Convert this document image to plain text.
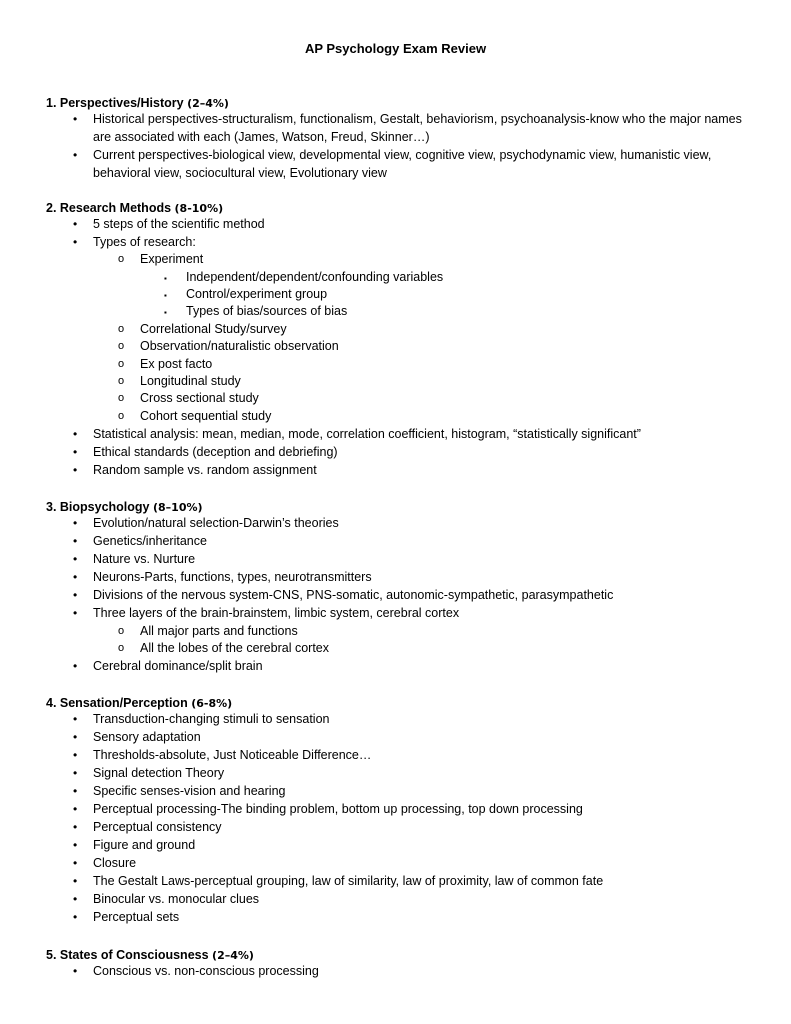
AP Psychology Exam Review
1. Perspectives/History (2–4%)
• Historical perspectives-structuralism, functionalism, Gestalt, behaviorism, psychoanalysis-know who the major names are associated with each (James, Watson, Freud, Skinner…)
• Current perspectives-biological view, developmental view, cognitive view, psychodynamic view, humanistic view, behavioral view, sociocultural view, Evolutionary view
2. Research Methods (8-10%)
• 5 steps of the scientific method
• Types of research:
o Experiment
▪ Independent/dependent/confounding variables
▪ Control/experiment group
▪ Types of bias/sources of bias
o Correlational Study/survey
o Observation/naturalistic observation
o Ex post facto
o Longitudinal study
o Cross sectional study
o Cohort sequential study
• Statistical analysis: mean, median, mode, correlation coefficient, histogram, “statistically significant”
• Ethical standards (deception and debriefing)
• Random sample vs. random assignment
3. Biopsychology (8–10%)
• Evolution/natural selection-Darwin’s theories
• Genetics/inheritance
• Nature vs. Nurture
• Neurons-Parts, functions, types, neurotransmitters
• Divisions of the nervous system-CNS, PNS-somatic, autonomic-sympathetic, parasympathetic
• Three layers of the brain-brainstem, limbic system, cerebral cortex
o All major parts and functions
o All the lobes of the cerebral cortex
• Cerebral dominance/split brain
4. Sensation/Perception (6-8%)
• Transduction-changing stimuli to sensation
• Sensory adaptation
• Thresholds-absolute, Just Noticeable Difference…
• Signal detection Theory
• Specific senses-vision and hearing
• Perceptual processing-The binding problem, bottom up processing, top down processing
• Perceptual consistency
• Figure and ground
• Closure
• The Gestalt Laws-perceptual grouping, law of similarity, law of proximity, law of common fate
• Binocular vs. monocular clues
• Perceptual sets
5. States of Consciousness (2–4%)
• Conscious vs. non-conscious processing
